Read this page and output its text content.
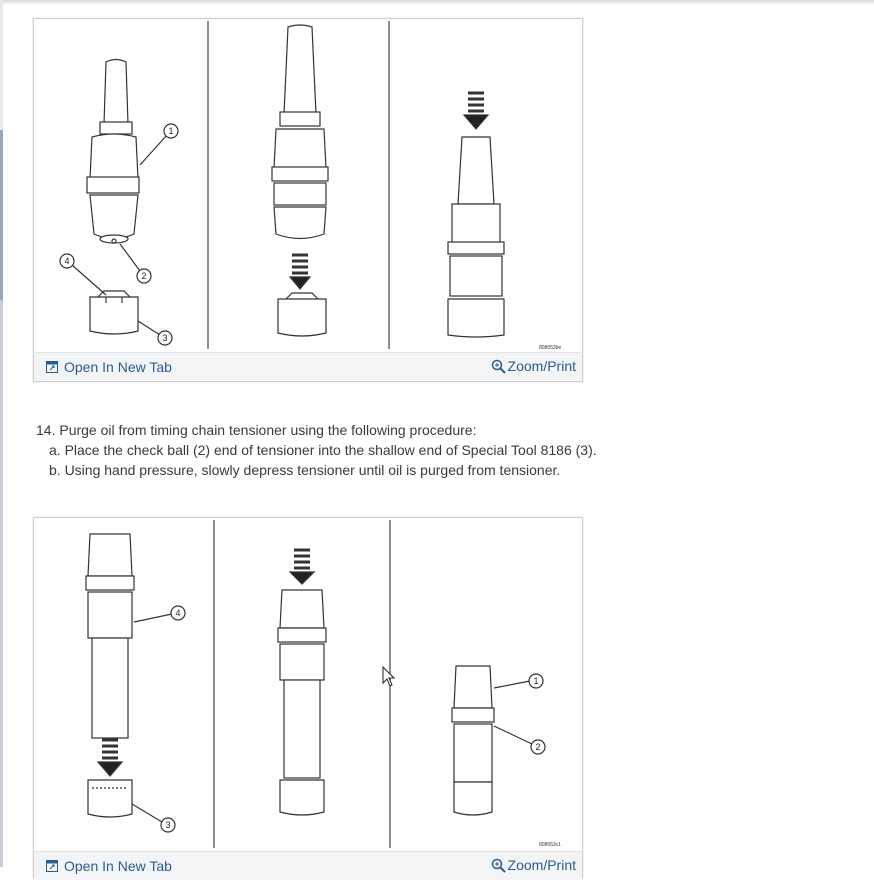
1
2
3
4
808653be
Open In New Tab	Zoom/Print
14. Purge oil from timing chain tensioner using the following procedure:
a. Place the check ball (2) end of tensioner into the shallow end of Special Tool 8186 (3).
b. Using hand pressure, slowly depress tensioner until oil is purged from tensioner.
4
3
1
2
808653c1
Open In New Tab	Zoom/Print
